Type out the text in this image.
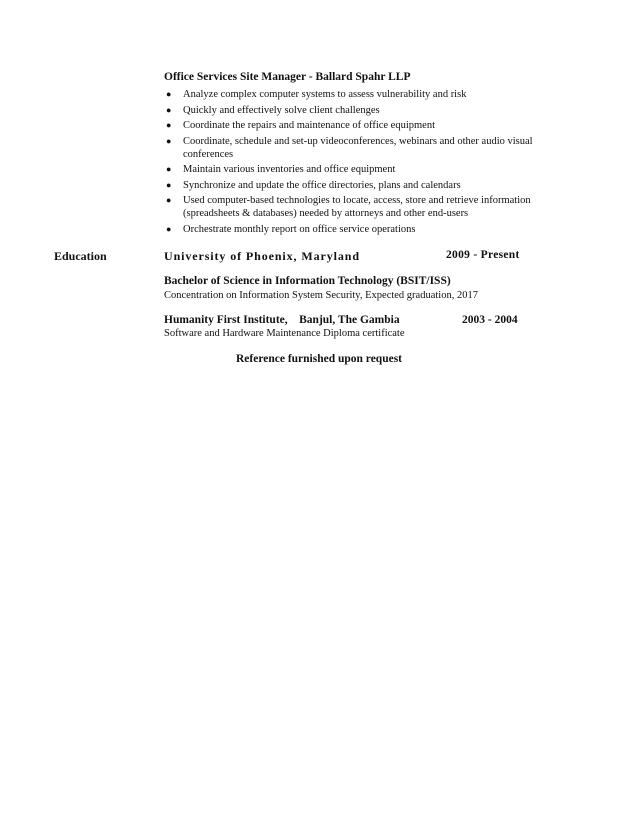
Office Services Site Manager - Ballard Spahr LLP
● Analyze complex computer systems to assess vulnerability and risk
● Quickly and effectively solve client challenges
● Coordinate the repairs and maintenance of office equipment
● Coordinate, schedule and set-up videoconferences, webinars and other audio visual conferences
● Maintain various inventories and office equipment
● Synchronize and update the office directories, plans and calendars
● Used computer-based technologies to locate, access, store and retrieve information (spreadsheets & databases) needed by attorneys and other end-users
● Orchestrate monthly report on office service operations
Education	University of Phoenix, Maryland	2009 - Present
Bachelor of Science in Information Technology (BSIT/ISS)
Concentration on Information System Security, Expected graduation, 2017
Humanity First Institute,    Banjul, The Gambia	2003 - 2004
Software and Hardware Maintenance Diploma certificate
Reference furnished upon request
